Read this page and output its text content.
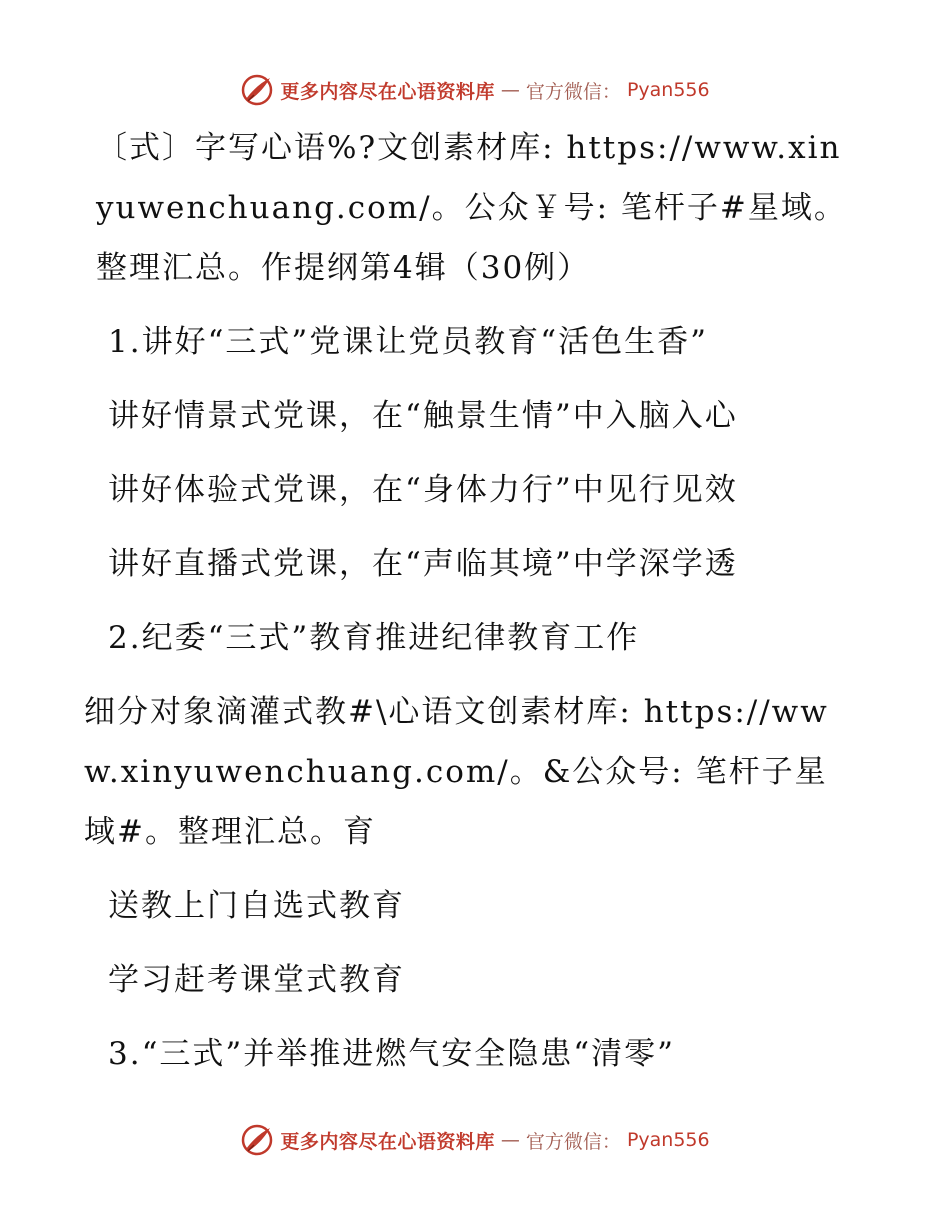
更多内容尽在心语资料库 — 官方微信： Pyan556

〔式〕字写心语%?文创素材库: https://www.xinyuwenchuang.com/。公众￥号: 笔杆子#星域。整理汇总。作提纲第4辑（30例）

1.讲好“三式”党课让党员教育“活色生香”

讲好情景式党课，在“触景生情”中入脑入心

讲好体验式党课，在“身体力行”中见行见效

讲好直播式党课，在“声临其境”中学深学透

2.纪委“三式”教育推进纪律教育工作

细分对象滴灌式教#\心语文创素材库: https://www.xinyuwenchuang.com/。&公众号: 笔杆子星域#。整理汇总。育

送教上门自选式教育

学习赶考课堂式教育

3.“三式”并举推进燃气安全隐患“清零”

更多内容尽在心语资料库 — 官方微信： Pyan556
